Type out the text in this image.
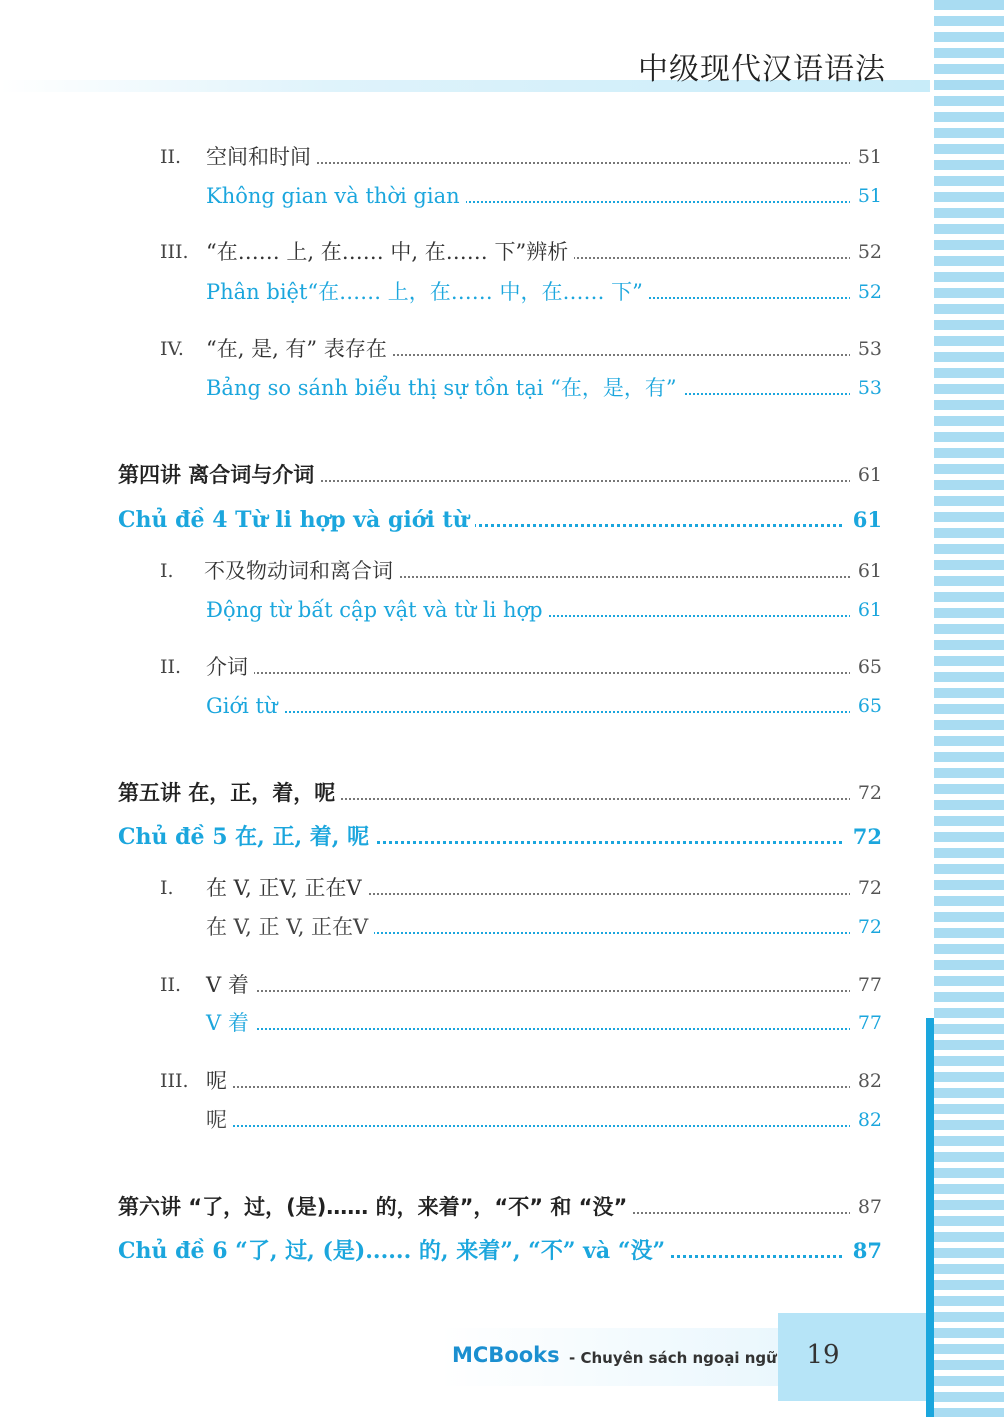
中级现代汉语语法
II. 空间和时间	51
Không gian và thời gian	51
III. “在…… 上, 在…… 中, 在…… 下”辨析	52
Phân biệt“在…… 上，在…… 中，在…… 下”	52
IV. “在, 是, 有” 表存在	53
Bảng so sánh biểu thị sự tồn tại “在，是，有”	53
第四讲 离合词与介词	61
Chủ đề 4 Từ li hợp và giới từ	61
I. 不及物动词和离合词	61
Động từ bất cập vật và từ li hợp	61
II. 介词	65
Giới từ	65
第五讲 在，正，着，呢	72
Chủ đề 5 在, 正, 着, 呢	72
I. 在 V, 正V, 正在V	72
在 V, 正 V, 正在V	72
II. V 着	77
V 着	77
III. 呢	82
呢	82
第六讲 “了，过，(是)…… 的，来着”，“不” 和 “没”	87
Chủ đề 6 “了, 过, (是)...... 的, 来着”, “不” và “没”	87
MCBooks - Chuyên sách ngoại ngữ	19
